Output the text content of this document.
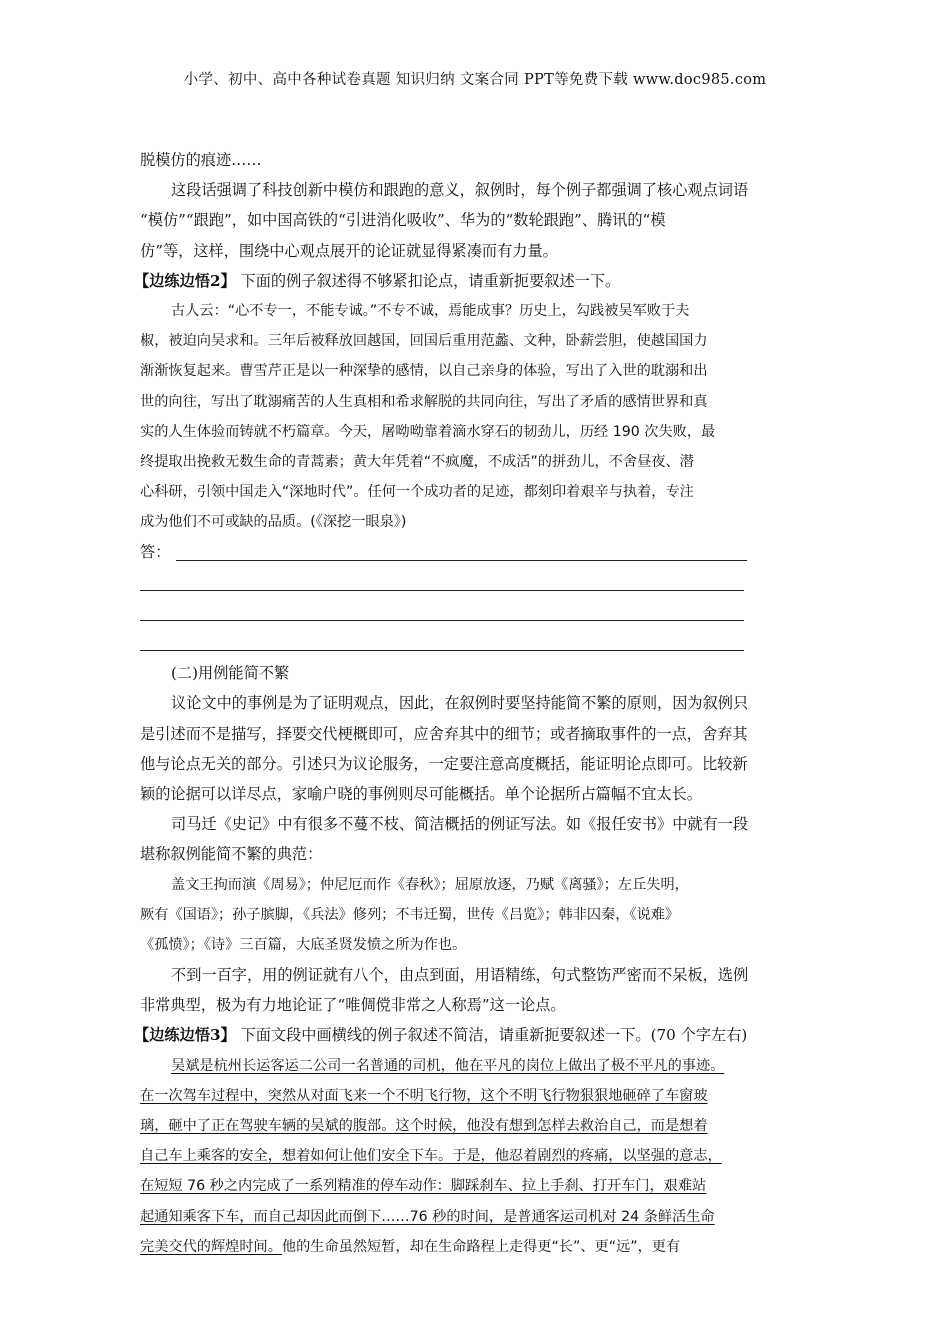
小学、初中、高中各种试卷真题 知识归纳 文案合同 PPT等免费下载 www.doc985.com
脱模仿的痕迹……
这段话强调了科技创新中模仿和跟跑的意义，叙例时，每个例子都强调了核心观点词语
“模仿”“跟跑”，如中国高铁的“引进消化吸收”、华为的“数轮跟跑”、腾讯的“模
仿”等，这样，围绕中心观点展开的论证就显得紧凑而有力量。
【边练边悟2】 下面的例子叙述得不够紧扣论点，请重新扼要叙述一下。
古人云：“心不专一，不能专诚。”不专不诚，焉能成事？历史上，勾践被吴军败于夫
椒，被迫向吴求和。三年后被释放回越国，回国后重用范蠡、文种，卧薪尝胆，使越国国力
渐渐恢复起来。曹雪芹正是以一种深挚的感情，以自己亲身的体验，写出了入世的耽溺和出
世的向往，写出了耽溺痛苦的人生真相和希求解脱的共同向往，写出了矛盾的感情世界和真
实的人生体验而铸就不朽篇章。今天，屠呦呦靠着滴水穿石的韧劲儿，历经 190 次失败，最
终提取出挽救无数生命的青蒿素；黄大年凭着“不疯魔，不成活”的拼劲儿，不舍昼夜、潜
心科研，引领中国走入“深地时代”。任何一个成功者的足迹，都刻印着艰辛与执着，专注
成为他们不可或缺的品质。(《深挖一眼泉》)
答：
(二)用例能简不繁
议论文中的事例是为了证明观点，因此，在叙例时要坚持能简不繁的原则，因为叙例只
是引述而不是描写，择要交代梗概即可，应舍弃其中的细节；或者摘取事件的一点，舍弃其
他与论点无关的部分。引述只为议论服务，一定要注意高度概括，能证明论点即可。比较新
颖的论据可以详尽点，家喻户晓的事例则尽可能概括。单个论据所占篇幅不宜太长。
司马迁《史记》中有很多不蔓不枝、简洁概括的例证写法。如《报任安书》中就有一段
堪称叙例能简不繁的典范：
盖文王拘而演《周易》；仲尼厄而作《春秋》；屈原放逐，乃赋《离骚》；左丘失明，
厥有《国语》；孙子膑脚，《兵法》修列；不韦迁蜀，世传《吕览》；韩非囚秦，《说难》
《孤愤》；《诗》三百篇，大底圣贤发愤之所为作也。
不到一百字，用的例证就有八个，由点到面，用语精练，句式整饬严密而不呆板，选例
非常典型，极为有力地论证了“唯倜傥非常之人称焉”这一论点。
【边练边悟3】 下面文段中画横线的例子叙述不简洁，请重新扼要叙述一下。(70 个字左右)
吴斌是杭州长运客运二公司一名普通的司机，他在平凡的岗位上做出了极不平凡的事迹。
在一次驾车过程中，突然从对面飞来一个不明飞行物，这个不明飞行物狠狠地砸碎了车窗玻
璃，砸中了正在驾驶车辆的吴斌的腹部。这个时候，他没有想到怎样去救治自己，而是想着
自己车上乘客的安全，想着如何让他们安全下车。于是，他忍着剧烈的疼痛，以坚强的意志，
在短短 76 秒之内完成了一系列精准的停车动作：脚踩刹车、拉上手刹、打开车门，艰难站
起通知乘客下车，而自己却因此而倒下……76 秒的时间，是普通客运司机对 24 条鲜活生命
完美交代的辉煌时间。他的生命虽然短暂，却在生命路程上走得更“长”、更“远”，更有
